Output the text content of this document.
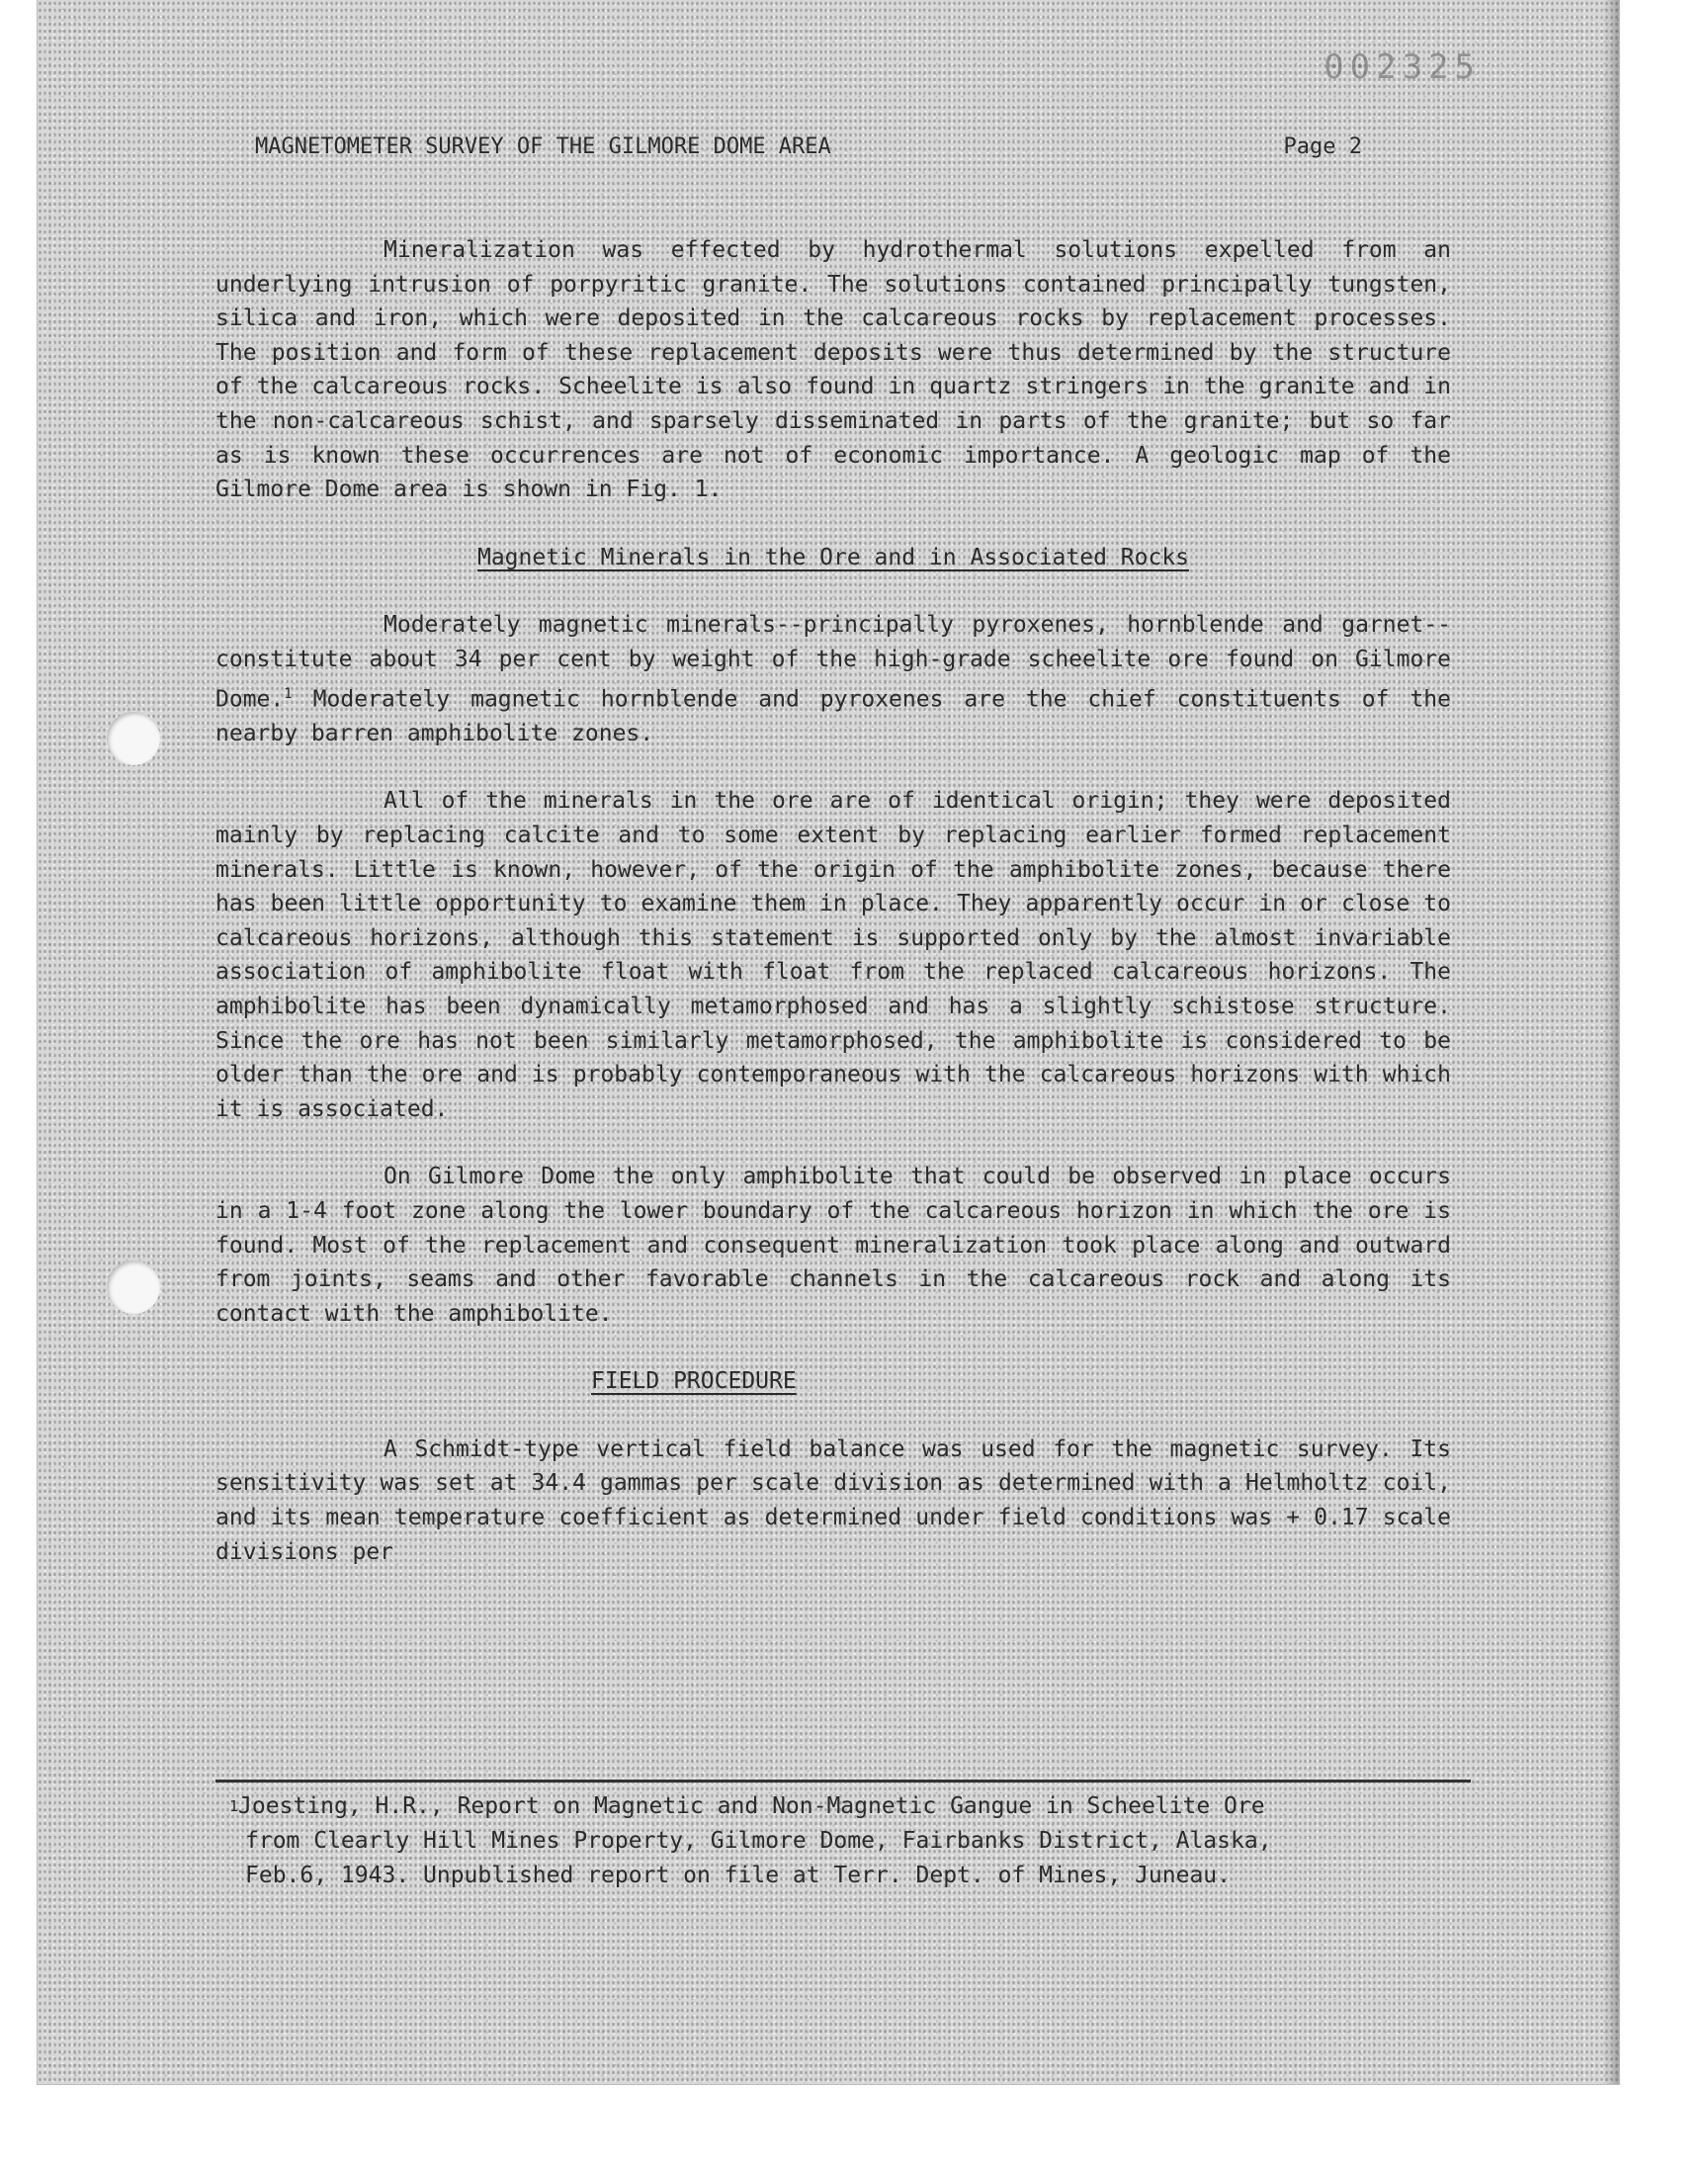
002325
MAGNETOMETER SURVEY OF THE GILMORE DOME AREA	Page 2

Mineralization was effected by hydrothermal solutions expelled from an underlying intrusion of porpyritic granite. The solutions contained principally tungsten, silica and iron, which were deposited in the calcareous rocks by replacement processes. The position and form of these replacement deposits were thus determined by the structure of the calcareous rocks. Scheelite is also found in quartz stringers in the granite and in the non-calcareous schist, and sparsely disseminated in parts of the granite; but so far as is known these occurrences are not of economic importance. A geologic map of the Gilmore Dome area is shown in Fig. 1.

Magnetic Minerals in the Ore and in Associated Rocks

Moderately magnetic minerals--principally pyroxenes, hornblende and garnet--constitute about 34 per cent by weight of the high-grade scheelite ore found on Gilmore Dome.$^1$ Moderately magnetic hornblende and pyroxenes are the chief constituents of the nearby barren amphibolite zones.

All of the minerals in the ore are of identical origin; they were deposited mainly by replacing calcite and to some extent by replacing earlier formed replacement minerals. Little is known, however, of the origin of the amphibolite zones, because there has been little opportunity to examine them in place. They apparently occur in or close to calcareous horizons, although this statement is supported only by the almost invariable association of amphibolite float with float from the replaced calcareous horizons. The amphibolite has been dynamically metamorphosed and has a slightly schistose structure. Since the ore has not been similarly metamorphosed, the amphibolite is considered to be older than the ore and is probably contemporaneous with the calcareous horizons with which it is associated.

On Gilmore Dome the only amphibolite that could be observed in place occurs in a 1-4 foot zone along the lower boundary of the calcareous horizon in which the ore is found. Most of the replacement and consequent mineralization took place along and outward from joints, seams and other favorable channels in the calcareous rock and along its contact with the amphibolite.

FIELD PROCEDURE

A Schmidt-type vertical field balance was used for the magnetic survey. Its sensitivity was set at 34.4 gammas per scale division as determined with a Helmholtz coil, and its mean temperature coefficient as determined under field conditions was + 0.17 scale divisions per

$^1$Joesting, H.R., Report on Magnetic and Non-Magnetic Gangue in Scheelite Ore from Clearly Hill Mines Property, Gilmore Dome, Fairbanks District, Alaska, Feb.6, 1943. Unpublished report on file at Terr. Dept. of Mines, Juneau.
